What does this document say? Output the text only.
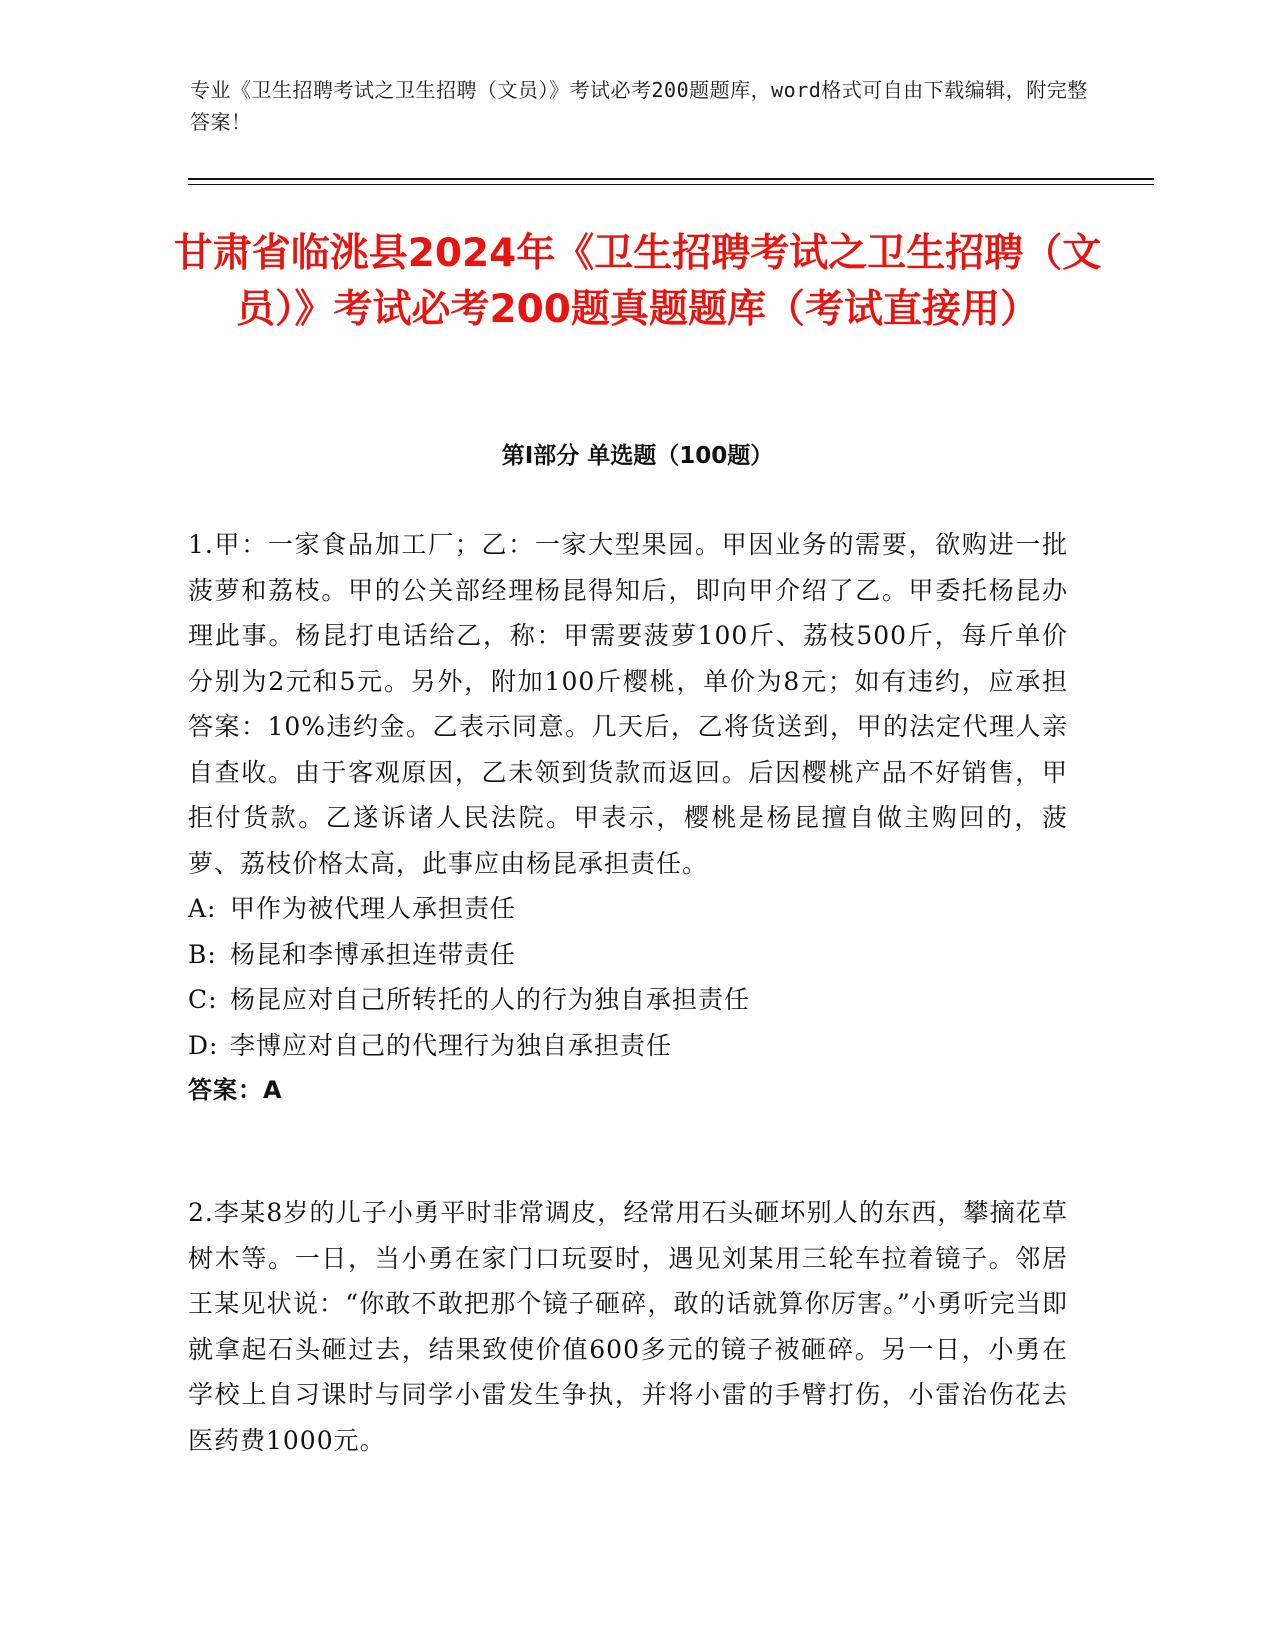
专业《卫生招聘考试之卫生招聘（文员）》考试必考200题题库，word格式可自由下载编辑，附完整答案！
甘肃省临洮县2024年《卫生招聘考试之卫生招聘（文员）》考试必考200题真题题库（考试直接用）
第I部分 单选题（100题）
1.甲：一家食品加工厂；乙：一家大型果园。甲因业务的需要，欲购进一批菠萝和荔枝。甲的公关部经理杨昆得知后，即向甲介绍了乙。甲委托杨昆办理此事。杨昆打电话给乙，称：甲需要菠萝100斤、荔枝500斤，每斤单价分别为2元和5元。另外，附加100斤樱桃，单价为8元；如有违约，应承担答案：10%违约金。乙表示同意。几天后，乙将货送到，甲的法定代理人亲自查收。由于客观原因，乙未领到货款而返回。后因樱桃产品不好销售，甲拒付货款。乙遂诉诸人民法院。甲表示，樱桃是杨昆擅自做主购回的，菠萝、荔枝价格太高，此事应由杨昆承担责任。
A: 甲作为被代理人承担责任
B: 杨昆和李博承担连带责任
C: 杨昆应对自己所转托的人的行为独自承担责任
D: 李博应对自己的代理行为独自承担责任
答案：A
2.李某8岁的儿子小勇平时非常调皮，经常用石头砸坏别人的东西，攀摘花草树木等。一日，当小勇在家门口玩耍时，遇见刘某用三轮车拉着镜子。邻居王某见状说：“你敢不敢把那个镜子砸碎，敢的话就算你厉害。”小勇听完当即就拿起石头砸过去，结果致使价值600多元的镜子被砸碎。另一日，小勇在学校上自习课时与同学小雷发生争执，并将小雷的手臂打伤，小雷治伤花去医药费1000元。
